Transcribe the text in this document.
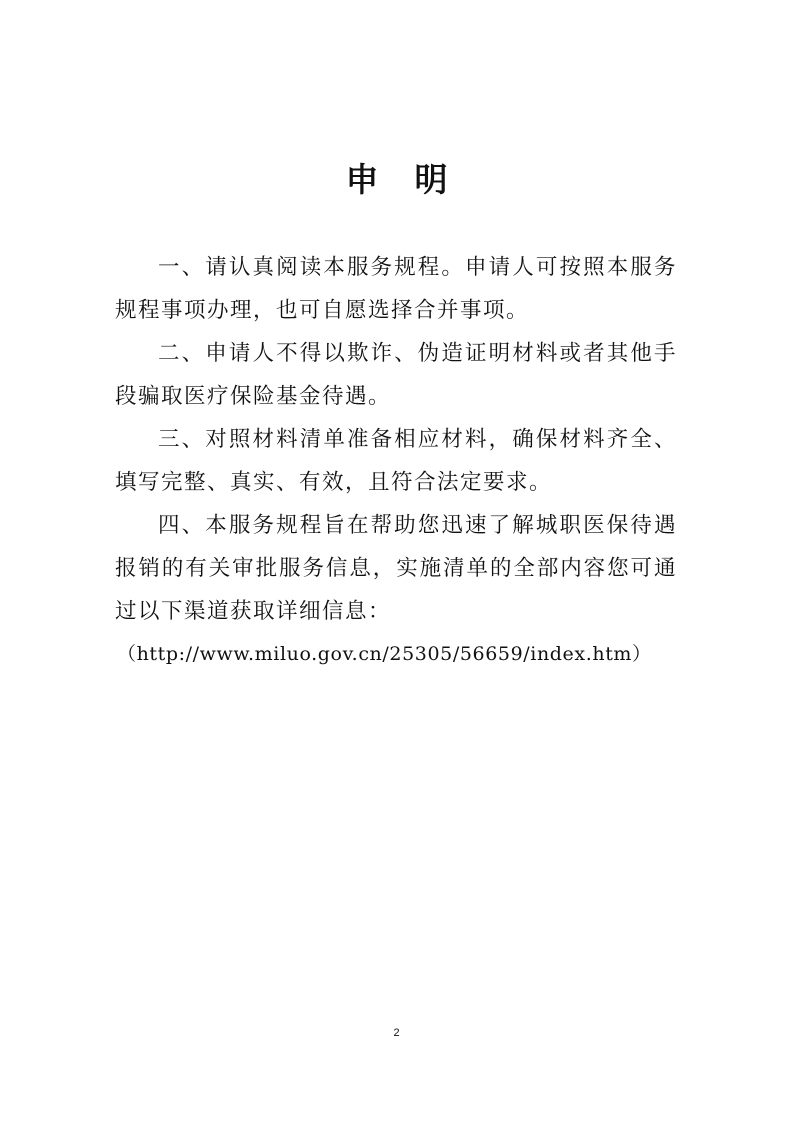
申明

一、请认真阅读本服务规程。申请人可按照本服务规程事项办理，也可自愿选择合并事项。

二、申请人不得以欺诈、伪造证明材料或者其他手段骗取医疗保险基金待遇。

三、对照材料清单准备相应材料，确保材料齐全、填写完整、真实、有效，且符合法定要求。

四、本服务规程旨在帮助您迅速了解城职医保待遇报销的有关审批服务信息，实施清单的全部内容您可通过以下渠道获取详细信息：

（http://www.miluo.gov.cn/25305/56659/index.htm）

2
